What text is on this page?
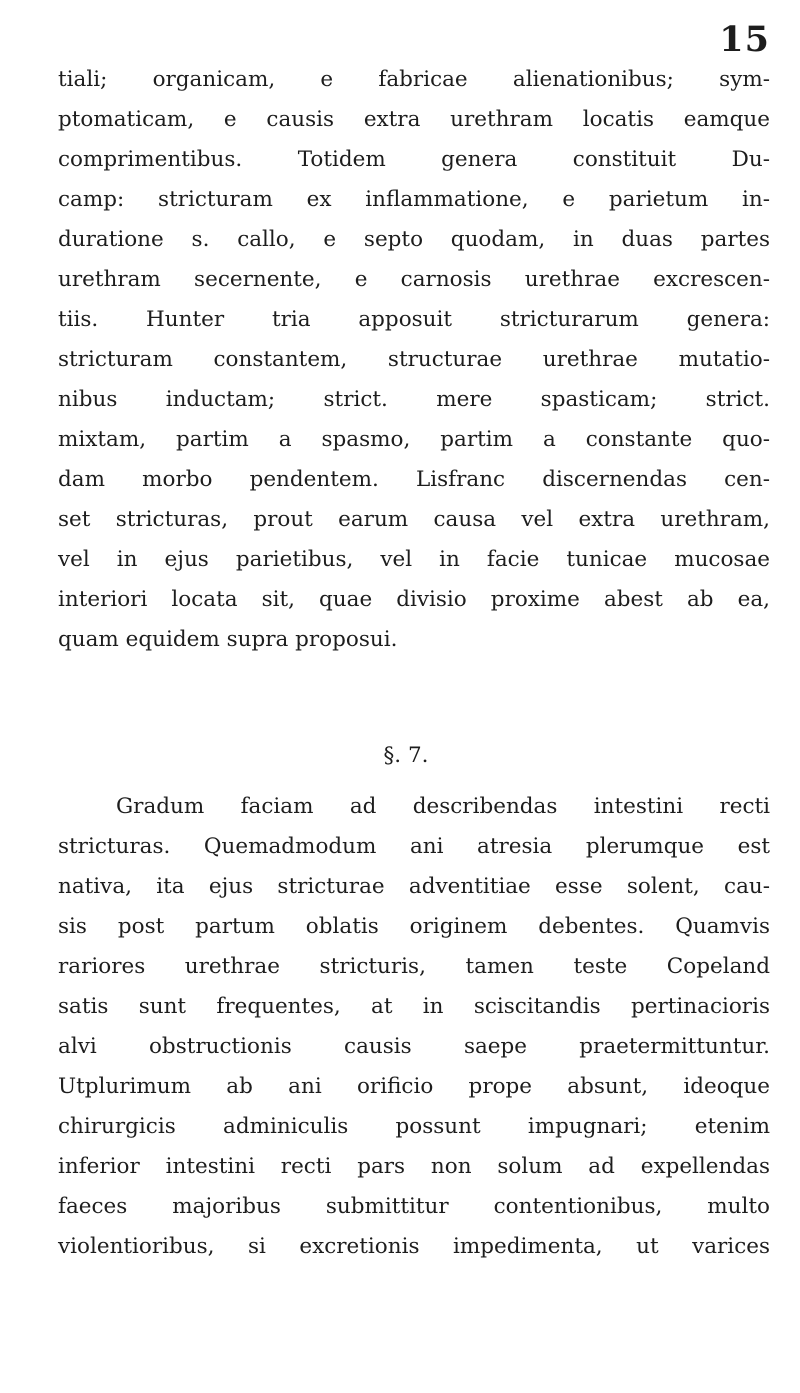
15

tiali; organicam, e fabricae alienationibus; sym-

ptomaticam, e causis extra urethram locatis eamque

comprimentibus. Totidem genera constituit Du-

camp: stricturam ex inflammatione, e parietum in-

duratione s. callo, e septo quodam, in duas partes

urethram secernente, e carnosis urethrae excrescen-

tiis. Hunter tria apposuit stricturarum genera:

stricturam constantem, structurae urethrae mutatio-

nibus inductam; strict. mere spasticam; strict.

mixtam, partim a spasmo, partim a constante quo-

dam morbo pendentem. Lisfranc discernendas cen-

set stricturas, prout earum causa vel extra urethram,

vel in ejus parietibus, vel in facie tunicae mucosae

interiori locata sit, quae divisio proxime abest ab ea,

quam equidem supra proposui.

§. 7.

Gradum faciam ad describendas intestini recti

stricturas. Quemadmodum ani atresia plerumque est

nativa, ita ejus stricturae adventitiae esse solent, cau-

sis post partum oblatis originem debentes. Quamvis

rariores urethrae stricturis, tamen teste Copeland

satis sunt frequentes, at in sciscitandis pertinacioris

alvi obstructionis causis saepe praetermittuntur.

Utplurimum ab ani orificio prope absunt, ideoque

chirurgicis adminiculis possunt impugnari; etenim

inferior intestini recti pars non solum ad expellendas

faeces majoribus submittitur contentionibus, multo

violentioribus, si excretionis impedimenta, ut varices
